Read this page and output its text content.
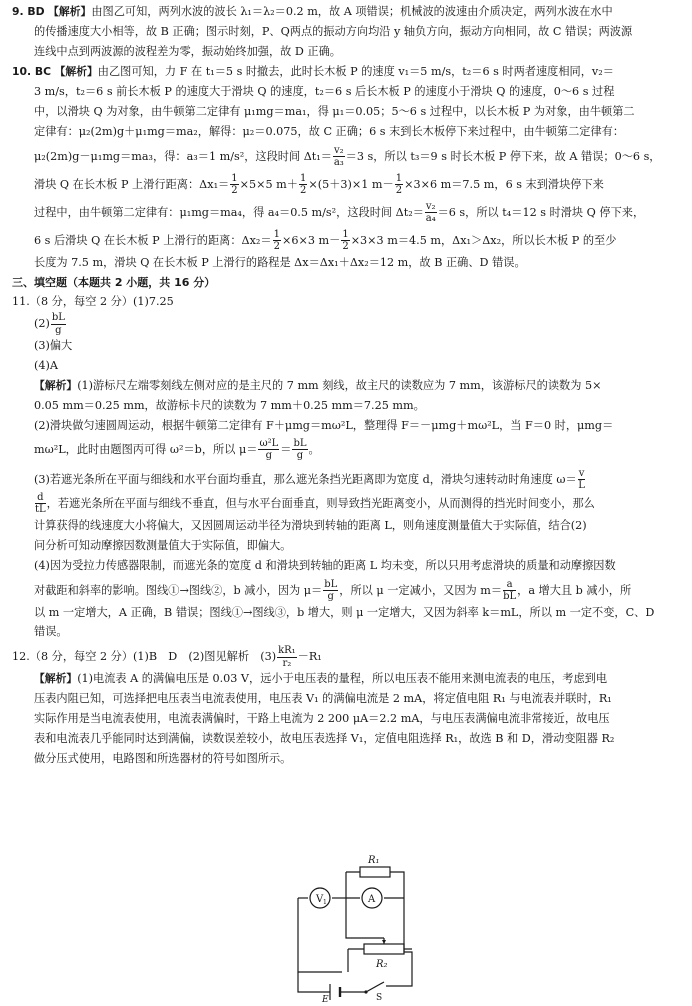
9. BD 【解析】由图乙可知，两列水波的波长 λ₁＝λ₂＝0.2 m，故 A 项错误；机械波的波速由介质决定，两列水波在水中

的传播速度大小相等，故 B 正确；图示时刻，P、Q两点的振动方向均沿 y 轴负方向，振动方向相同，故 C 错误；两波源

连线中点到两波源的波程差为零，振动始终加强，故 D 正确。

10. BC 【解析】由乙图可知，力 F 在 t₁＝5 s 时撤去，此时长木板 P 的速度 v₁＝5 m/s，t₂＝6 s 时两者速度相同，v₂＝

3 m/s，t₂＝6 s 前长木板 P 的速度大于滑块 Q 的速度，t₂＝6 s 后长木板 P 的速度小于滑块 Q 的速度，0～6 s 过程

中，以滑块 Q 为对象，由牛顿第二定律有 μ₁mg＝ma₁，得 μ₁＝0.05；5～6 s 过程中，以长木板 P 为对象，由牛顿第二

定律有：μ₂(2m)g＋μ₁mg＝ma₂，解得：μ₂＝0.075，故 C 正确；6 s 末到长木板停下来过程中，由牛顿第二定律有：

μ₂(2m)g－μ₁mg＝ma₃，得：a₃＝1 m/s²，这段时间 $\Delta t_1= \frac{\text{v₂}}{\text{a₃}} =3$ s，所以 t₃＝9 s 时长木板 P 停下来，故 A 错误；0～6 s，

滑块 Q 在长木板 P 上滑行距离：$\Delta x_1= \frac{1}{2} \times 5\times 5$ $m+ \frac{1}{2} \times(5+3)\times 1$ $m- \frac{1}{2} \times 3\times 6$ m＝7.5 m，6 s 末到滑块停下来

过程中，由牛顿第二定律有：μ₁mg＝ma₄，得 a₄＝0.5 m/s²，这段时间 $\Delta t_2= \frac{\text{v₂}}{\text{a₄}} =6$ s，所以 t₄＝12 s 时滑块 Q 停下来，

6 s 后滑块 Q 在长木板 P 上滑行的距离：$\Delta x_2= \frac{1}{2} \times 6\times 3$ $m- \frac{1}{2} \times 3\times 3$ m＝4.5 m，Δx₁＞Δx₂，所以长木板 P 的至少

长度为 7.5 m，滑块 Q 在长木板 P 上滑行的路程是 Δx＝Δx₁＋Δx₂＝12 m，故 B 正确、D 错误。

三、填空题（本题共 2 小题，共 16 分）

11.（8 分，每空 2 分）(1)7.25

$(2) \frac{bL}{g}$

(3)偏大

(4)A

【解析】(1)游标尺左端零刻线左侧对应的是主尺的 7 mm 刻线，故主尺的读数应为 7 mm，该游标尺的读数为 5×

0.05 mm＝0.25 mm，故游标卡尺的读数为 7 mm＋0.25 mm＝7.25 mm。

(2)滑块做匀速圆周运动，根据牛顿第二定律有 F＋μmg＝mω²L，整理得 F＝－μmg＋mω²L，当 F＝0 时，μmg＝

mω²L，此时由题图丙可得 ω²＝b，所以 $\mu= \frac{\text{ω²L}}{g} = \frac{bL}{g}$ 。

(3)若遮光条所在平面与细线和水平台面均垂直，那么遮光条挡光距离即为宽度 d，滑块匀速转动时角速度 $\omega= \frac{v}{L}$

$\frac{d}{tL}$ ，若遮光条所在平面与细线不垂直，但与水平台面垂直，则导致挡光距离变小，从而测得的挡光时间变小，那么

计算获得的线速度大小将偏大，又因圆周运动半径为滑块到转轴的距离 L，则角速度测量值大于实际值，结合(2)

问分析可知动摩擦因数测量值大于实际值，即偏大。

(4)因为受拉力传感器限制，而遮光条的宽度 d 和滑块到转轴的距离 L 均未变，所以只用考虑滑块的质量和动摩擦因数

对截距和斜率的影响。图线①→图线②，b 减小，因为 $\mu= \frac{bL}{g}$ ，所以 μ 一定减小，又因为 $m= \frac{a}{bL}$ ，a 增大且 b 减小，所

以 m 一定增大，A 正确，B 错误；图线①→图线③，b 增大，则 μ 一定增大，又因为斜率 k＝mL，所以 m 一定不变，C、D

错误。

12.（8 分，每空 2 分）(1)B　D　(2)图见解析　$(3) \frac{\text{kR₁}}{\text{r₂}} -R_1$

【解析】(1)电流表 A 的满偏电压是 0.03 V，远小于电压表的量程，所以电压表不能用来测电流表的电压，考虑到电

压表内阻已知，可选择把电压表当电流表使用，电压表 V₁ 的满偏电流是 2 mA，将定值电阻 R₁ 与电流表并联时，R₁

实际作用是当电流表使用，电流表满偏时，干路上电流为 2 200 μA＝2.2 mA，与电压表满偏电流非常接近，故电压

表和电流表几乎能同时达到满偏，读数误差较小，故电压表选择 V₁，定值电阻选择 R₁，故选 B 和 D，滑动变阻器 R₂

做分压式使用，电路图和所选器材的符号如图所示。

R₁
V 1	A
R₂
E	S
